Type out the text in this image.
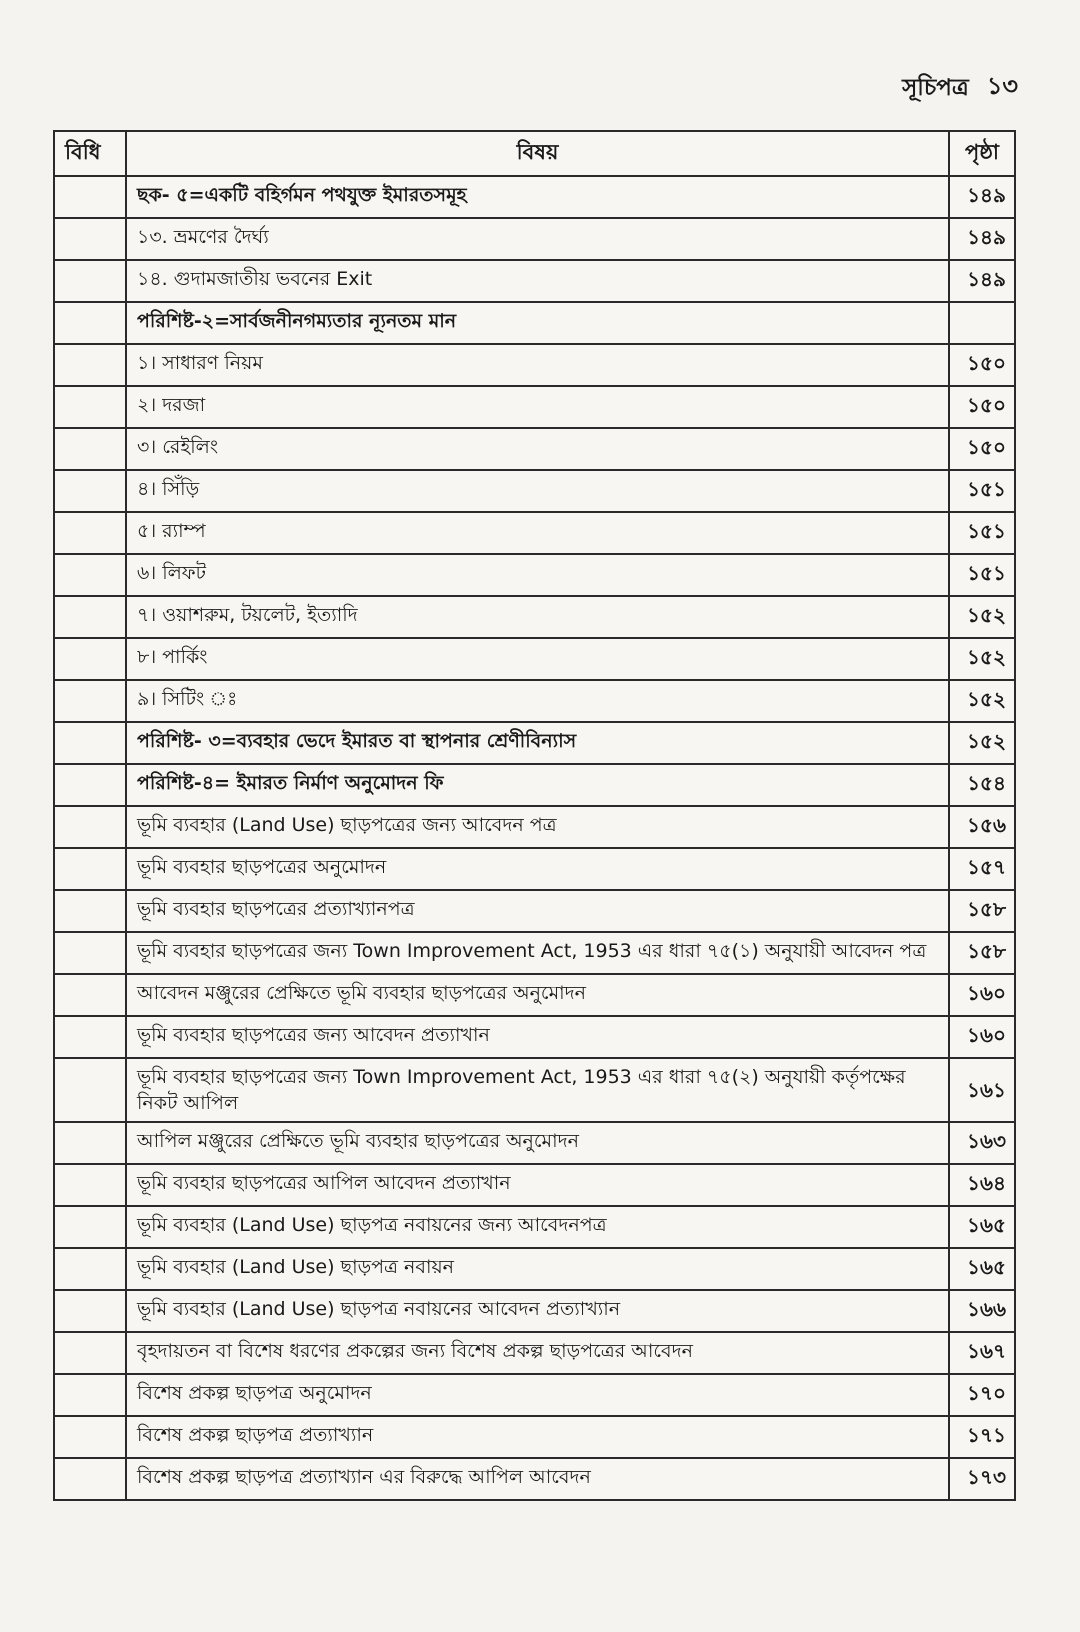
সূচিপত্র ১৩
বিধি	বিষয়	পৃষ্ঠা
	ছক- ৫=একটি বহির্গমন পথযুক্ত ইমারতসমূহ	১৪৯
	১৩. ভ্রমণের দৈর্ঘ্য	১৪৯
	১৪. গুদামজাতীয় ভবনের Exit	১৪৯
	পরিশিষ্ট-২=সার্বজনীনগম্যতার ন্যূনতম মান	
	১। সাধারণ নিয়ম	১৫০
	২। দরজা	১৫০
	৩। রেইলিং	১৫০
	৪। সিঁড়ি	১৫১
	৫। র‍্যাম্প	১৫১
	৬। লিফট	১৫১
	৭। ওয়াশরুম, টয়লেট, ইত্যাদি	১৫২
	৮। পার্কিং	১৫২
	৯। সিটিং ঃ	১৫২
	পরিশিষ্ট- ৩=ব্যবহার ভেদে ইমারত বা স্থাপনার শ্রেণীবিন্যাস	১৫২
	পরিশিষ্ট-৪= ইমারত নির্মাণ অনুমোদন ফি	১৫৪
	ভূমি ব্যবহার (Land Use) ছাড়পত্রের জন্য আবেদন পত্র	১৫৬
	ভূমি ব্যবহার ছাড়পত্রের অনুমোদন	১৫৭
	ভূমি ব্যবহার ছাড়পত্রের প্রত্যাখ্যানপত্র	১৫৮
	ভূমি ব্যবহার ছাড়পত্রের জন্য Town Improvement Act, 1953 এর ধারা ৭৫(১) অনুযায়ী আবেদন পত্র	১৫৮
	আবেদন মঞ্জুরের প্রেক্ষিতে ভূমি ব্যবহার ছাড়পত্রের অনুমোদন	১৬০
	ভূমি ব্যবহার ছাড়পত্রের জন্য আবেদন প্রত্যাখান	১৬০
	ভূমি ব্যবহার ছাড়পত্রের জন্য Town Improvement Act, 1953 এর ধারা ৭৫(২) অনুযায়ী কর্তৃপক্ষের নিকট আপিল	১৬১
	আপিল মঞ্জুরের প্রেক্ষিতে ভূমি ব্যবহার ছাড়পত্রের অনুমোদন	১৬৩
	ভূমি ব্যবহার ছাড়পত্রের আপিল আবেদন প্রত্যাখান	১৬৪
	ভূমি ব্যবহার (Land Use) ছাড়পত্র নবায়নের জন্য আবেদনপত্র	১৬৫
	ভূমি ব্যবহার (Land Use) ছাড়পত্র নবায়ন	১৬৫
	ভূমি ব্যবহার (Land Use) ছাড়পত্র নবায়নের আবেদন প্রত্যাখ্যান	১৬৬
	বৃহদায়তন বা বিশেষ ধরণের প্রকল্পের জন্য বিশেষ প্রকল্প ছাড়পত্রের আবেদন	১৬৭
	বিশেষ প্রকল্প ছাড়পত্র অনুমোদন	১৭০
	বিশেষ প্রকল্প ছাড়পত্র প্রত্যাখ্যান	১৭১
	বিশেষ প্রকল্প ছাড়পত্র প্রত্যাখ্যান এর বিরুদ্ধে আপিল আবেদন	১৭৩
